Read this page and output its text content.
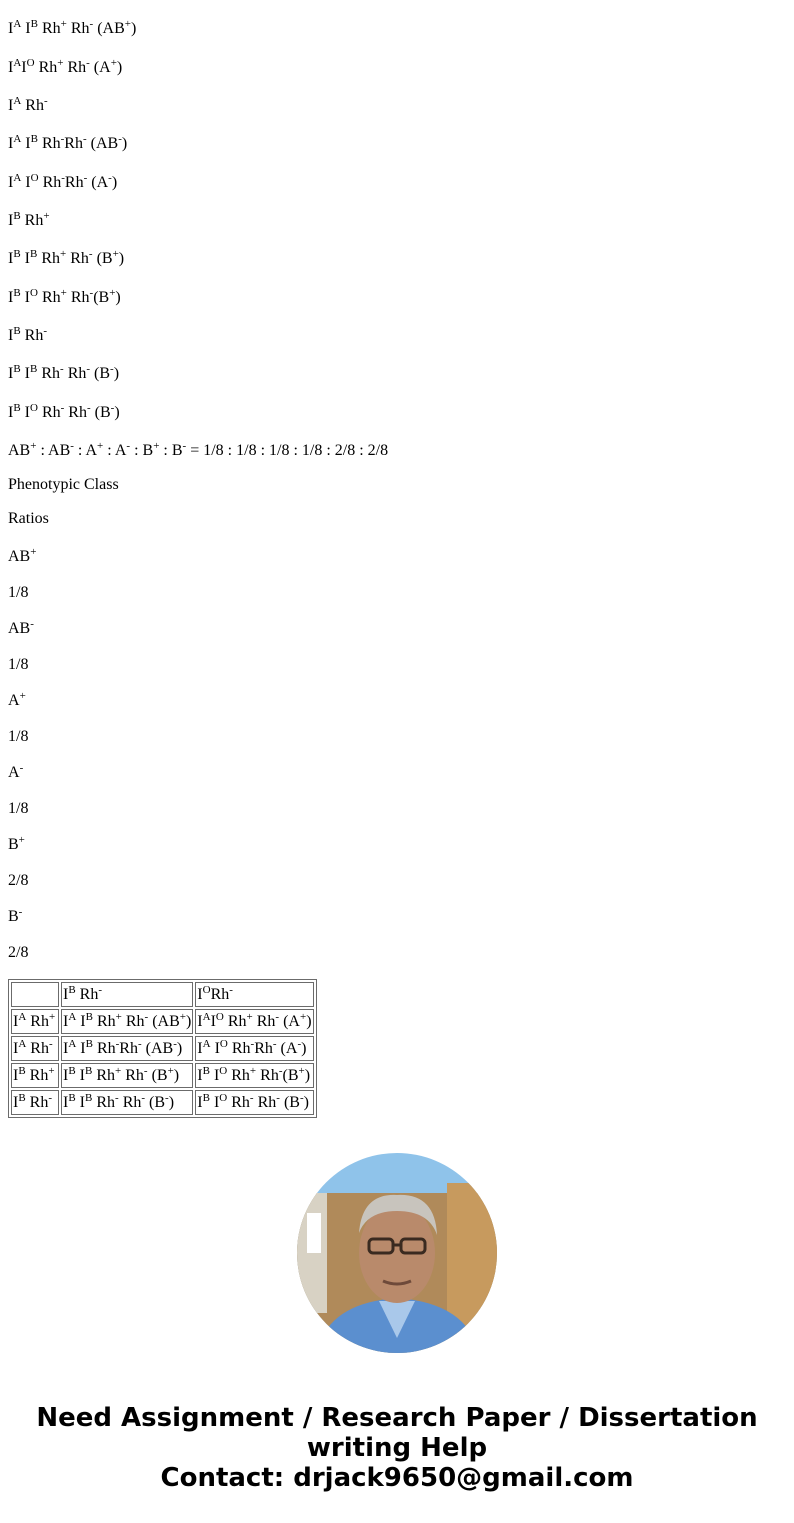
$I^A$ $I^B$ Rh+ Rh- (AB+)
$I^AI^O$ Rh+ Rh- (A+)
$I^A$ Rh-
$I^A$ $I^B$ Rh-Rh- (AB-)
$I^A$ $I^O$ Rh-Rh- (A-)
$I^B$ Rh+
$I^B$ $I^B$ Rh+ Rh- (B+)
$I^B$ $I^O$ Rh+ Rh-(B+)
$I^B$ Rh-
$I^B$ $I^B$ Rh- Rh- (B-)
$I^B$ $I^O$ Rh- Rh- (B-)
AB+ : AB- : A+ : A- : B+ : B- = 1/8 : 1/8 : 1/8 : 1/8 : 2/8 : 2/8
Phenotypic Class
Ratios
AB+
1/8
AB-
1/8
A+
1/8
A-
1/8
B+
2/8
B-
2/8
	$I^B$ Rh-	$I^ORh^-$
$I^A$ Rh+	$I^A$ $I^B$ Rh+ Rh- (AB+)	$I^AI^O$ Rh+ Rh- (A+)
$I^A$ Rh-	$I^A$ $I^B$ Rh-Rh- (AB-)	$I^A$ $I^O$ Rh-Rh- (A-)
$I^B$ Rh+	$I^B$ $I^B$ Rh+ Rh- (B+)	$I^B$ $I^O$ Rh+ Rh-(B+)
$I^B$ Rh-	$I^B$ $I^B$ Rh- Rh- (B-)	$I^B$ $I^O$ Rh- Rh- (B-)
Need Assignment / Research Paper / Dissertation
writing Help
Contact: drjack9650@gmail.com
